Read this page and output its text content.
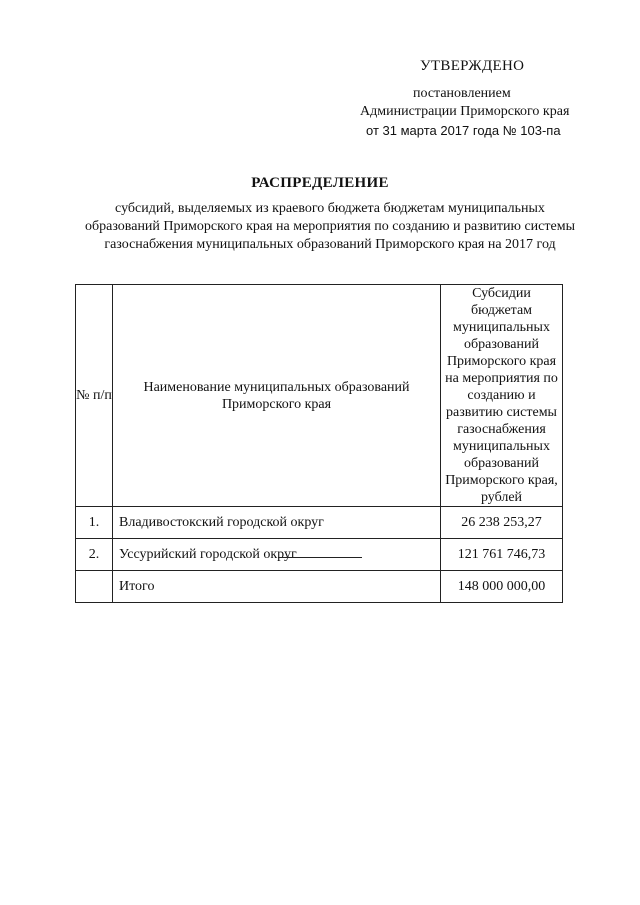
УТВЕРЖДЕНО
постановлением
Администрации Приморского края
от 31 марта 2017 года № 103-па
РАСПРЕДЕЛЕНИЕ
субсидий, выделяемых из краевого бюджета бюджетам муниципальных образований Приморского края на мероприятия по созданию и развитию системы газоснабжения муниципальных образований Приморского края на 2017 год
№ п/п	Наименование муниципальных образований Приморского края	Субсидии бюджетам муниципальных образований Приморского края на мероприятия по созданию и развитию системы газоснабжения муниципальных образований Приморского края, рублей
1.	Владивостокский городской округ	26 238 253,27
2.	Уссурийский городской округ	121 761 746,73
	Итого	148 000 000,00
